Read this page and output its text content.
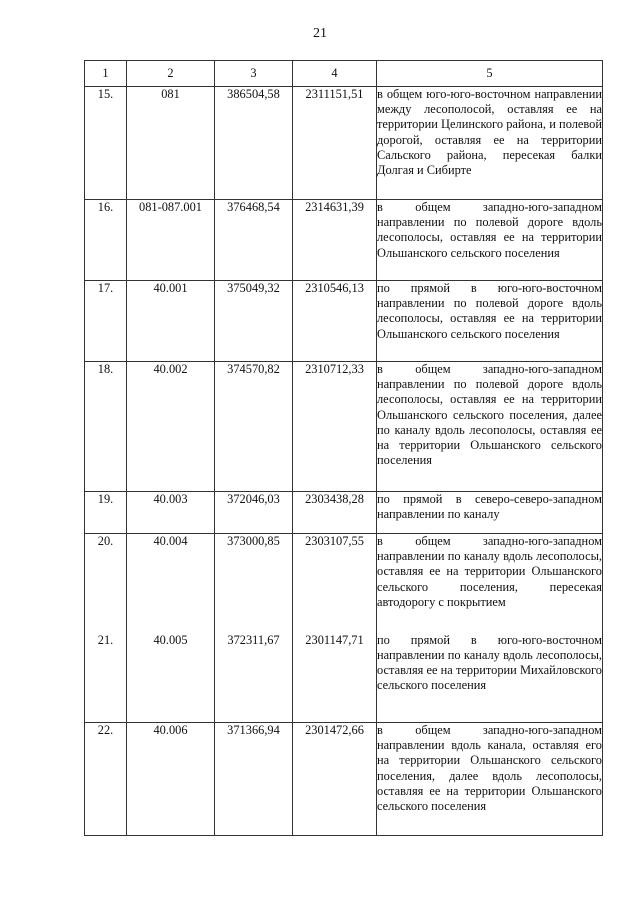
21
1	2	3	4	5
15.	081	386504,58	2311151,51	в общем юго-юго-восточном направлении между лесополосой, оставляя ее на территории Целинского района, и полевой дорогой, оставляя ее на территории Сальского района, пересекая балки Долгая и Сибирте
16.	081-087.001	376468,54	2314631,39	в общем западно-юго-западном направлении по полевой дороге вдоль лесополосы, оставляя ее на территории Ольшанского сельского поселения
17.	40.001	375049,32	2310546,13	по прямой в юго-юго-восточном направлении по полевой дороге вдоль лесополосы, оставляя ее на территории Ольшанского сельского поселения
18.	40.002	374570,82	2310712,33	в общем западно-юго-западном направлении по полевой дороге вдоль лесополосы, оставляя ее на территории Ольшанского сельского поселения, далее по каналу вдоль лесополосы, оставляя ее на территории Ольшанского сельского поселения
19.	40.003	372046,03	2303438,28	по прямой в северо-северо-западном направлении по каналу
20.	40.004	373000,85	2303107,55	в общем западно-юго-западном направлении по каналу вдоль лесополосы, оставляя ее на территории Ольшанского сельского поселения, пересекая автодорогу с покрытием
21.	40.005	372311,67	2301147,71	по прямой в юго-юго-восточном направлении по каналу вдоль лесополосы, оставляя ее на территории Михайловского сельского поселения
22.	40.006	371366,94	2301472,66	в общем западно-юго-западном направлении вдоль канала, оставляя его на территории Ольшанского сельского поселения, далее вдоль лесополосы, оставляя ее на территории Ольшанского сельского поселения
